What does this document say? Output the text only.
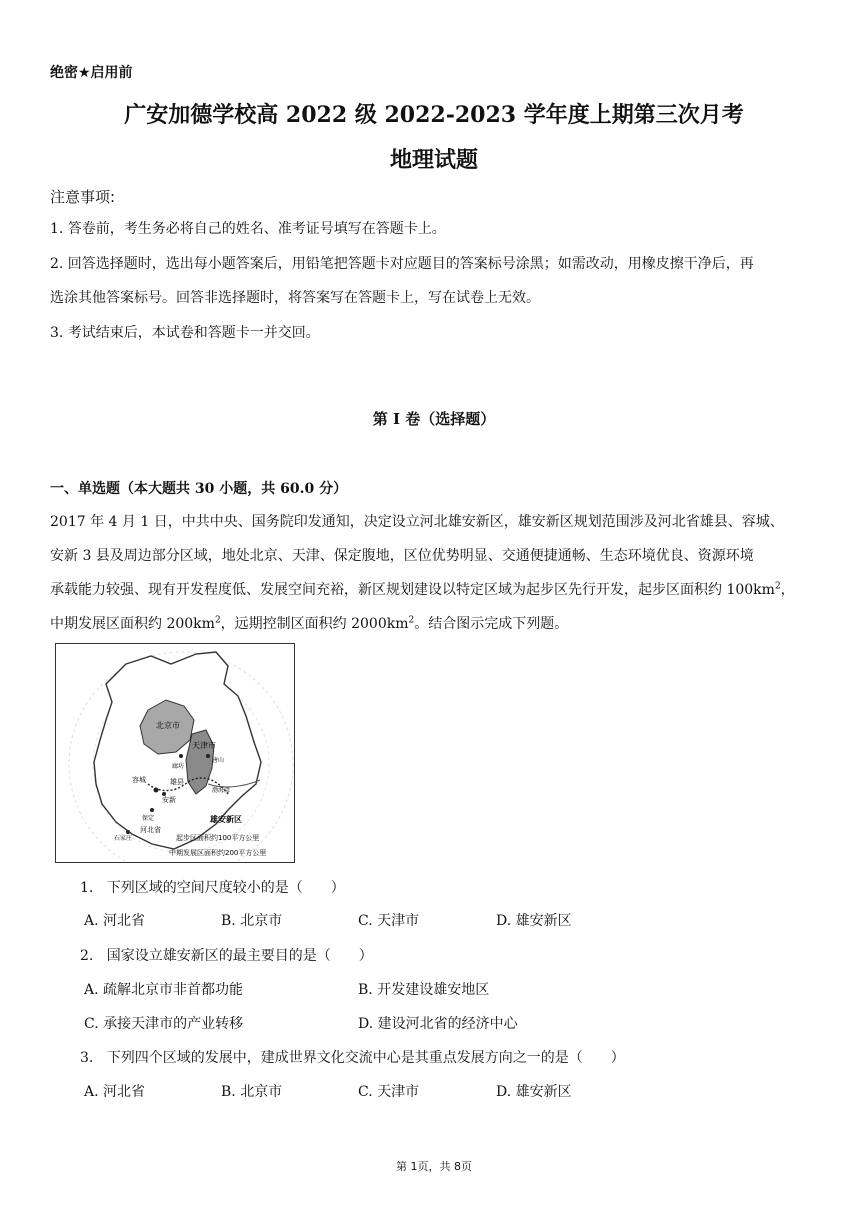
绝密★启用前
广安加德学校高 2022 级 2022-2023 学年度上期第三次月考
地理试题
注意事项:
1. 答卷前，考生务必将自己的姓名、准考证号填写在答题卡上。
2. 回答选择题时，选出每小题答案后，用铅笔把答题卡对应题目的答案标号涂黑；如需改动，用橡皮擦干净后，再
选涂其他答案标号。回答非选择题时，将答案写在答题卡上，写在试卷上无效。
3. 考试结束后，本试卷和答题卡一并交回。
第 I 卷（选择题）
一、单选题（本大题共 30 小题，共 60.0 分）
2017 年 4 月 1 日，中共中央、国务院印发通知，决定设立河北雄安新区，雄安新区规划范围涉及河北省雄县、容城、
安新 3 县及周边部分区域，地处北京、天津、保定腹地，区位优势明显、交通便捷通畅、生态环境优良、资源环境
承载能力较强、现有开发程度低、发展空间充裕，新区规划建设以特定区域为起步区先行开发，起步区面积约 $100km^2$，
中期发展区面积约 $200km^2$，远期控制区面积约 $2000km^2$。结合图示完成下列题。
北京市
天津市
廊坊
唐山
容城	雄县
安新
保定
渤海湾
石家庄
河北省
雄安新区
起步区面积约100平方公里
中期发展区面积约200平方公里
1. 下列区域的空间尺度较小的是（　　）
A. 河北省	B. 北京市	C. 天津市	D. 雄安新区
2. 国家设立雄安新区的最主要目的是（　　）
A. 疏解北京市非首都功能	B. 开发建设雄安地区
C. 承接天津市的产业转移	D. 建设河北省的经济中心
3. 下列四个区域的发展中，建成世界文化交流中心是其重点发展方向之一的是（　　）
A. 河北省	B. 北京市	C. 天津市	D. 雄安新区
第 1页，共 8页
